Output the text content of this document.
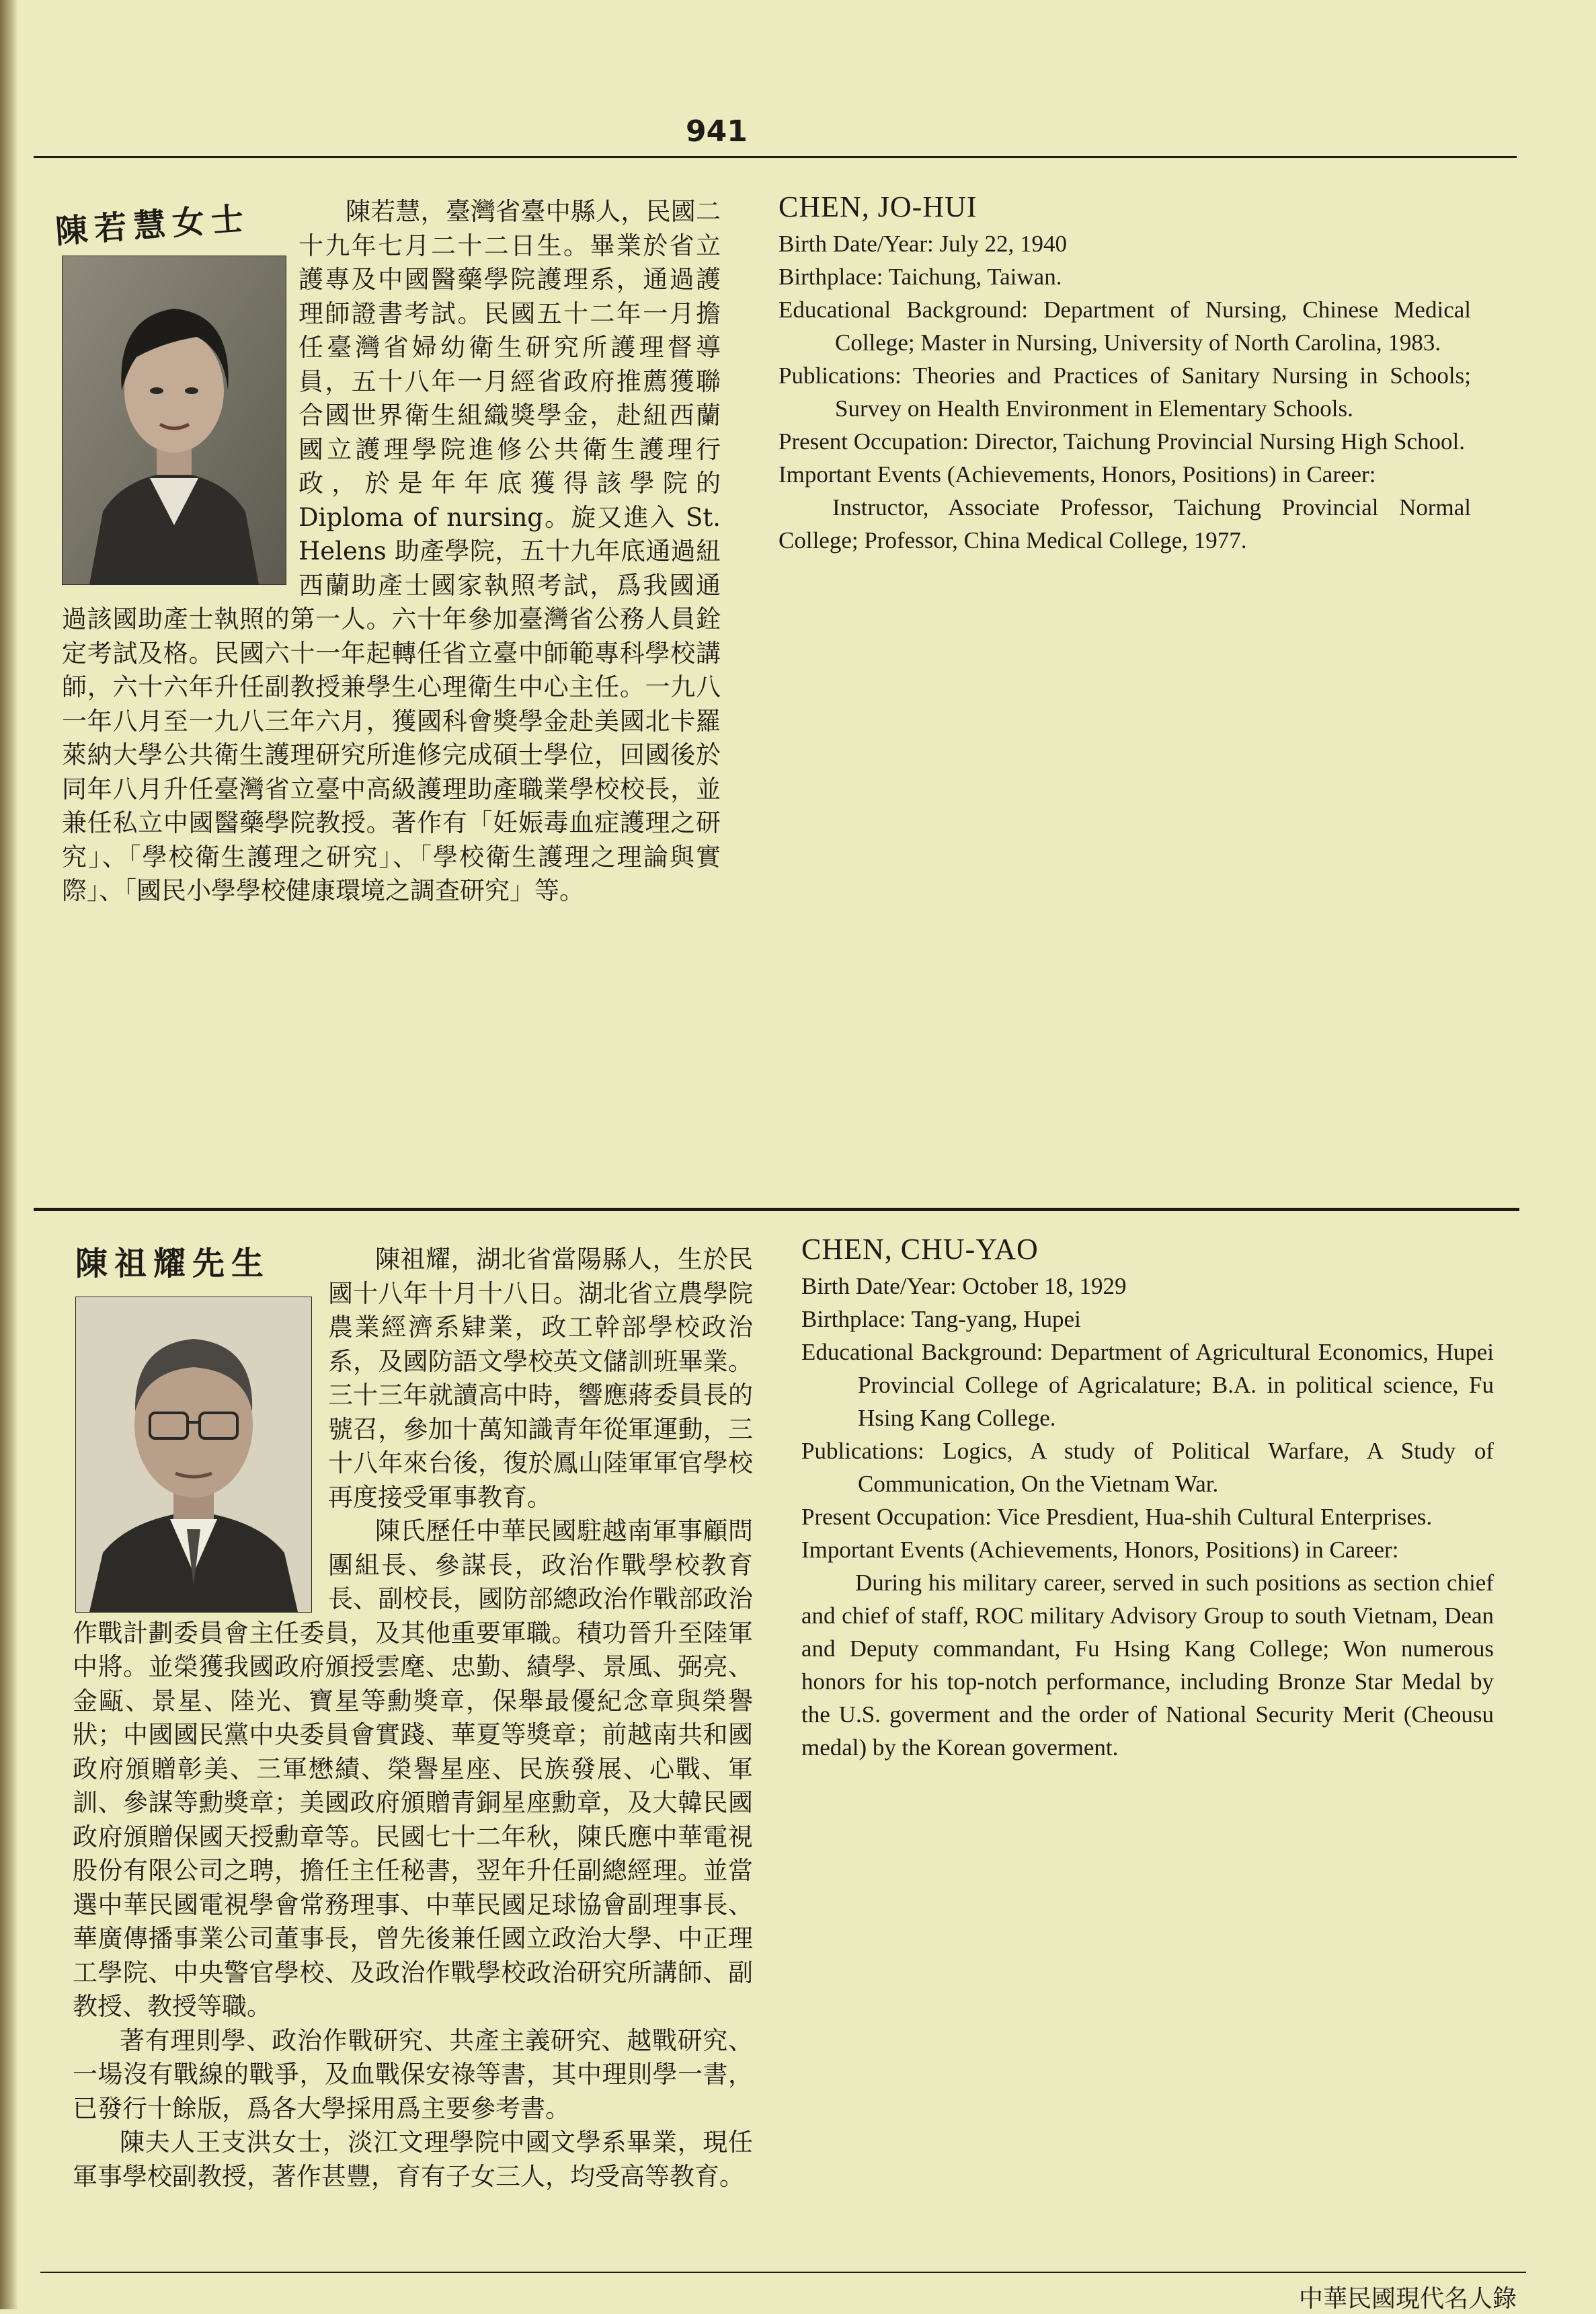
941

陳若慧女士	陳若慧，臺灣省臺中縣人，民國二十九年七月二十二日生。畢業於省立護專及中國醫藥學院護理系，通過護理師證書考試。民國五十二年一月擔任臺灣省婦幼衛生研究所護理督導員，五十八年一月經省政府推薦獲聯合國世界衛生組織獎學金，赴紐西蘭國立護理學院進修公共衛生護理行政，於是年年底獲得該學院的 Diploma of nursing。旋又進入 St. Helens 助產學院，五十九年底通過紐西蘭助產士國家執照考試，爲我國通過該國助產士執照的第一人。六十年參加臺灣省公務人員銓定考試及格。民國六十一年起轉任省立臺中師範專科學校講師，六十六年升任副教授兼學生心理衛生中心主任。一九八一年八月至一九八三年六月，獲國科會獎學金赴美國北卡羅萊納大學公共衛生護理研究所進修完成碩士學位，回國後於同年八月升任臺灣省立臺中高級護理助產職業學校校長，並兼任私立中國醫藥學院教授。著作有「妊娠毒血症護理之研究」、「學校衛生護理之研究」、「學校衛生護理之理論與實際」、「國民小學學校健康環境之調查研究」等。

CHEN, JO-HUI

Birth Date/Year: July 22, 1940

Birthplace: Taichung, Taiwan.

Educational Background: Department of Nursing, Chinese Medical College; Master in Nursing, University of North Carolina, 1983.

Publications: Theories and Practices of Sanitary Nursing in Schools; Survey on Health Environment in Elementary Schools.

Present Occupation: Director, Taichung Provincial Nursing High School.

Important Events (Achievements, Honors, Positions) in Career:

Instructor, Associate Professor, Taichung Provincial Normal College; Professor, China Medical College, 1977.

陳祖耀先生	陳祖耀，湖北省當陽縣人，生於民國十八年十月十八日。湖北省立農學院農業經濟系肄業，政工幹部學校政治系，及國防語文學校英文儲訓班畢業。三十三年就讀高中時，響應蔣委員長的號召，參加十萬知識青年從軍運動，三十八年來台後，復於鳳山陸軍軍官學校再度接受軍事教育。

陳氏歷任中華民國駐越南軍事顧問團組長、參謀長，政治作戰學校教育長、副校長，國防部總政治作戰部政治作戰計劃委員會主任委員，及其他重要軍職。積功晉升至陸軍中將。並榮獲我國政府頒授雲麾、忠勤、績學、景風、弼亮、金甌、景星、陸光、寶星等勳獎章，保舉最優紀念章與榮譽狀；中國國民黨中央委員會實踐、華夏等獎章；前越南共和國政府頒贈彰美、三軍懋績、榮譽星座、民族發展、心戰、軍訓、參謀等勳獎章；美國政府頒贈青銅星座勳章，及大韓民國政府頒贈保國天授勳章等。民國七十二年秋，陳氏應中華電視股份有限公司之聘，擔任主任秘書，翌年升任副總經理。並當選中華民國電視學會常務理事、中華民國足球協會副理事長、華廣傳播事業公司董事長，曾先後兼任國立政治大學、中正理工學院、中央警官學校、及政治作戰學校政治研究所講師、副教授、教授等職。

著有理則學、政治作戰研究、共產主義研究、越戰研究、一場沒有戰線的戰爭，及血戰保安祿等書，其中理則學一書，已發行十餘版，爲各大學採用爲主要參考書。

陳夫人王支洪女士，淡江文理學院中國文學系畢業，現任軍事學校副教授，著作甚豐，育有子女三人，均受高等教育。

CHEN, CHU-YAO

Birth Date/Year: October 18, 1929

Birthplace: Tang-yang, Hupei

Educational Background: Department of Agricultural Economics, Hupei Provincial College of Agricalature; B.A. in political science, Fu Hsing Kang College.

Publications: Logics, A study of Political Warfare, A Study of Communication, On the Vietnam War.

Present Occupation: Vice Presdient, Hua-shih Cultural Enterprises.

Important Events (Achievements, Honors, Positions) in Career:

During his military career, served in such positions as section chief and chief of staff, ROC military Advisory Group to south Vietnam, Dean and Deputy commandant, Fu Hsing Kang College; Won numerous honors for his top-notch performance, including Bronze Star Medal by the U.S. goverment and the order of National Security Merit (Cheousu medal) by the Korean goverment.

中華民國現代名人錄
